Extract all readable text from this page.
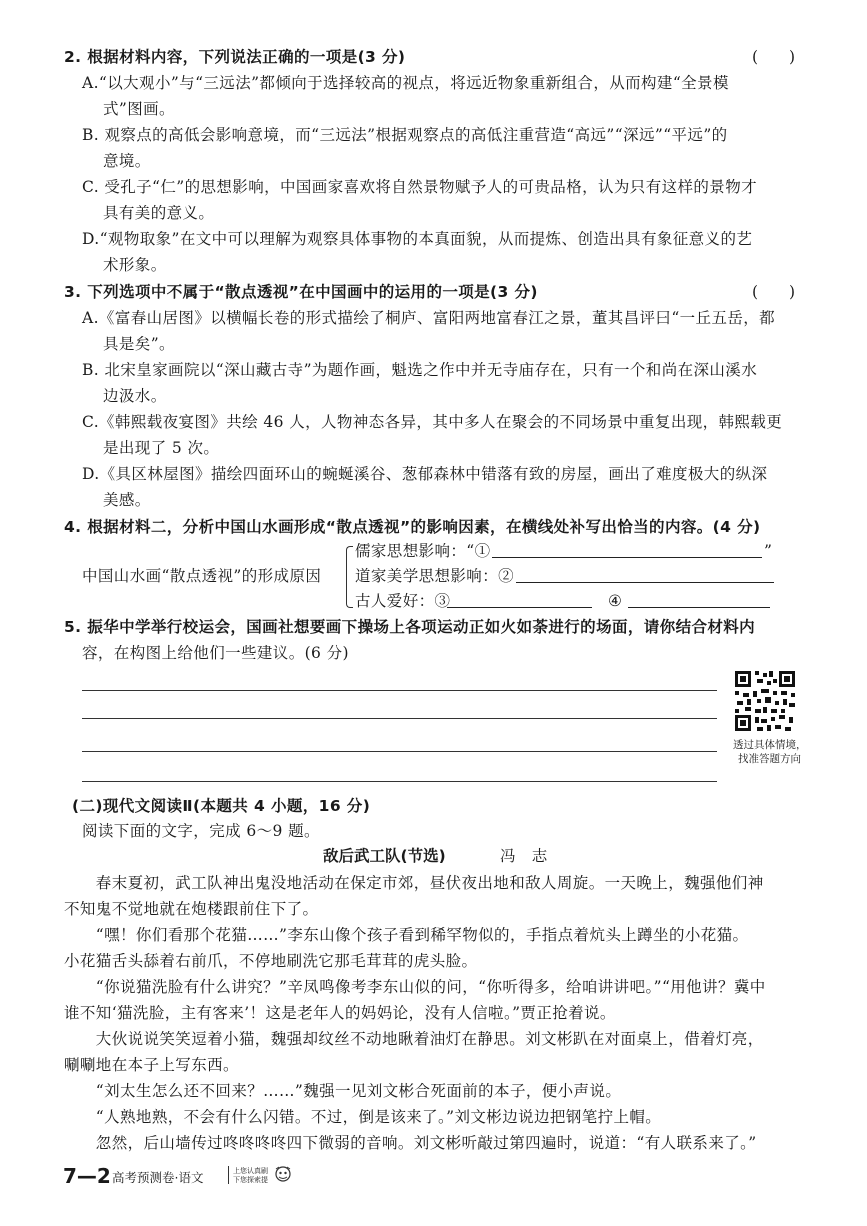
2. 根据材料内容，下列说法正确的一项是(3 分)	(　　)
A.“以大观小”与“三远法”都倾向于选择较高的视点，将远近物象重新组合，从而构建“全景模
式”图画。
B. 观察点的高低会影响意境，而“三远法”根据观察点的高低注重营造“高远”“深远”“平远”的
意境。
C. 受孔子“仁”的思想影响，中国画家喜欢将自然景物赋予人的可贵品格，认为只有这样的景物才
具有美的意义。
D.“观物取象”在文中可以理解为观察具体事物的本真面貌，从而提炼、创造出具有象征意义的艺
术形象。
3. 下列选项中不属于“散点透视”在中国画中的运用的一项是(3 分)	(　　)
A.《富春山居图》以横幅长卷的形式描绘了桐庐、富阳两地富春江之景，董其昌评曰“一丘五岳，都
具是矣”。
B. 北宋皇家画院以“深山藏古寺”为题作画，魁选之作中并无寺庙存在，只有一个和尚在深山溪水
边汲水。
C.《韩熙载夜宴图》共绘 46 人，人物神态各异，其中多人在聚会的不同场景中重复出现，韩熙载更
是出现了 5 次。
D.《具区林屋图》描绘四面环山的蜿蜒溪谷、葱郁森林中错落有致的房屋，画出了难度极大的纵深
美感。
4. 根据材料二，分析中国山水画形成“散点透视”的影响因素，在横线处补写出恰当的内容。(4 分)
中国山水画“散点透视”的形成原因
儒家思想影响：“①	”
道家美学思想影响：②
古人爱好：③	④
5. 振华中学举行校运会，国画社想要画下操场上各项运动正如火如荼进行的场面，请你结合材料内
容，在构图上给他们一些建议。(6 分)
透过具体情境，
找准答题方向
(二)现代文阅读Ⅱ(本题共 4 小题，16 分)
阅读下面的文字，完成 6～9 题。
敌后武工队(节选)	冯　志
　　春末夏初，武工队神出鬼没地活动在保定市郊，昼伏夜出地和敌人周旋。一天晚上，魏强他们神
不知鬼不觉地就在炮楼跟前住下了。
　　“嘿！你们看那个花猫……”李东山像个孩子看到稀罕物似的，手指点着炕头上蹲坐的小花猫。
小花猫舌头舔着右前爪，不停地刷洗它那毛茸茸的虎头脸。
　　“你说猫洗脸有什么讲究？”辛凤鸣像考李东山似的问，“你听得多，给咱讲讲吧。”“用他讲？冀中
谁不知‘猫洗脸，主有客来’！这是老年人的妈妈论，没有人信啦。”贾正抢着说。
　　大伙说说笑笑逗着小猫，魏强却纹丝不动地瞅着油灯在静思。刘文彬趴在对面桌上，借着灯亮，
唰唰地在本子上写东西。
　　“刘太生怎么还不回来？……”魏强一见刘文彬合死面前的本子，便小声说。
　　“人熟地熟，不会有什么闪错。不过，倒是该来了。”刘文彬边说边把钢笔拧上帽。
　　忽然，后山墙传过咚咚咚咚四下微弱的音响。刘文彬听敲过第四遍时，说道：“有人联系来了。”
7—2 高考预测卷·语文	上您认真刷
下您探索提
